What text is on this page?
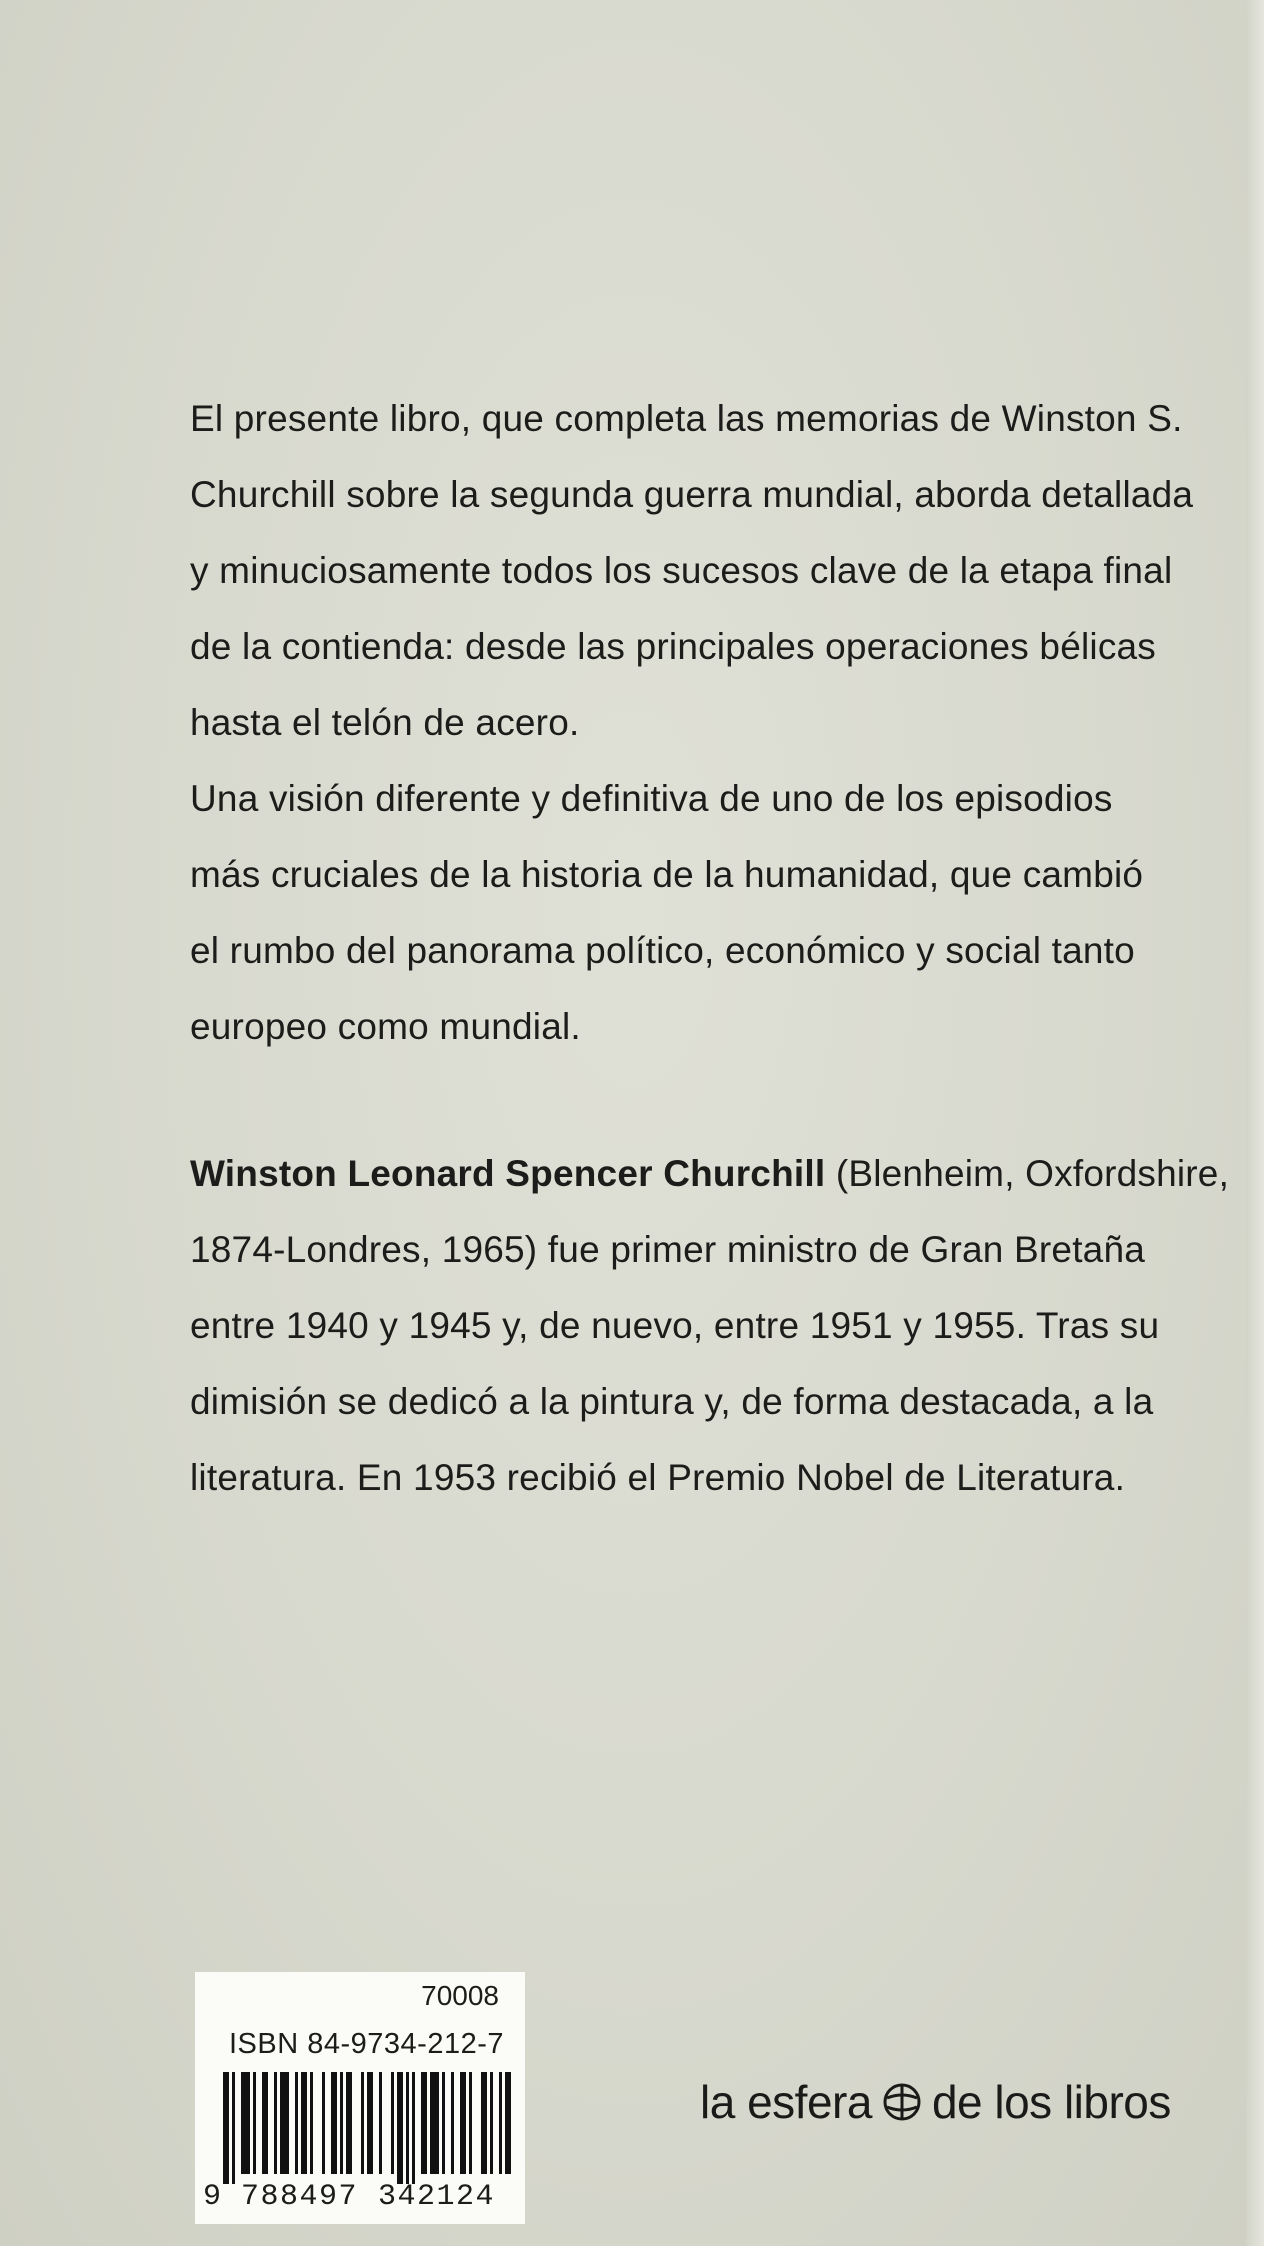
El presente libro, que completa las memorias de Winston S.

Churchill sobre la segunda guerra mundial, aborda detallada

y minuciosamente todos los sucesos clave de la etapa final

de la contienda: desde las principales operaciones bélicas

hasta el telón de acero.

Una visión diferente y definitiva de uno de los episodios

más cruciales de la historia de la humanidad, que cambió

el rumbo del panorama político, económico y social tanto

europeo como mundial.

Winston Leonard Spencer Churchill (Blenheim, Oxfordshire,

1874-Londres, 1965) fue primer ministro de Gran Bretaña

entre 1940 y 1945 y, de nuevo, entre 1951 y 1955. Tras su

dimisión se dedicó a la pintura y, de forma destacada, a la

literatura. En 1953 recibió el Premio Nobel de Literatura.

70008
ISBN 84-9734-212-7
9 788497 342124
la esfera de los libros
